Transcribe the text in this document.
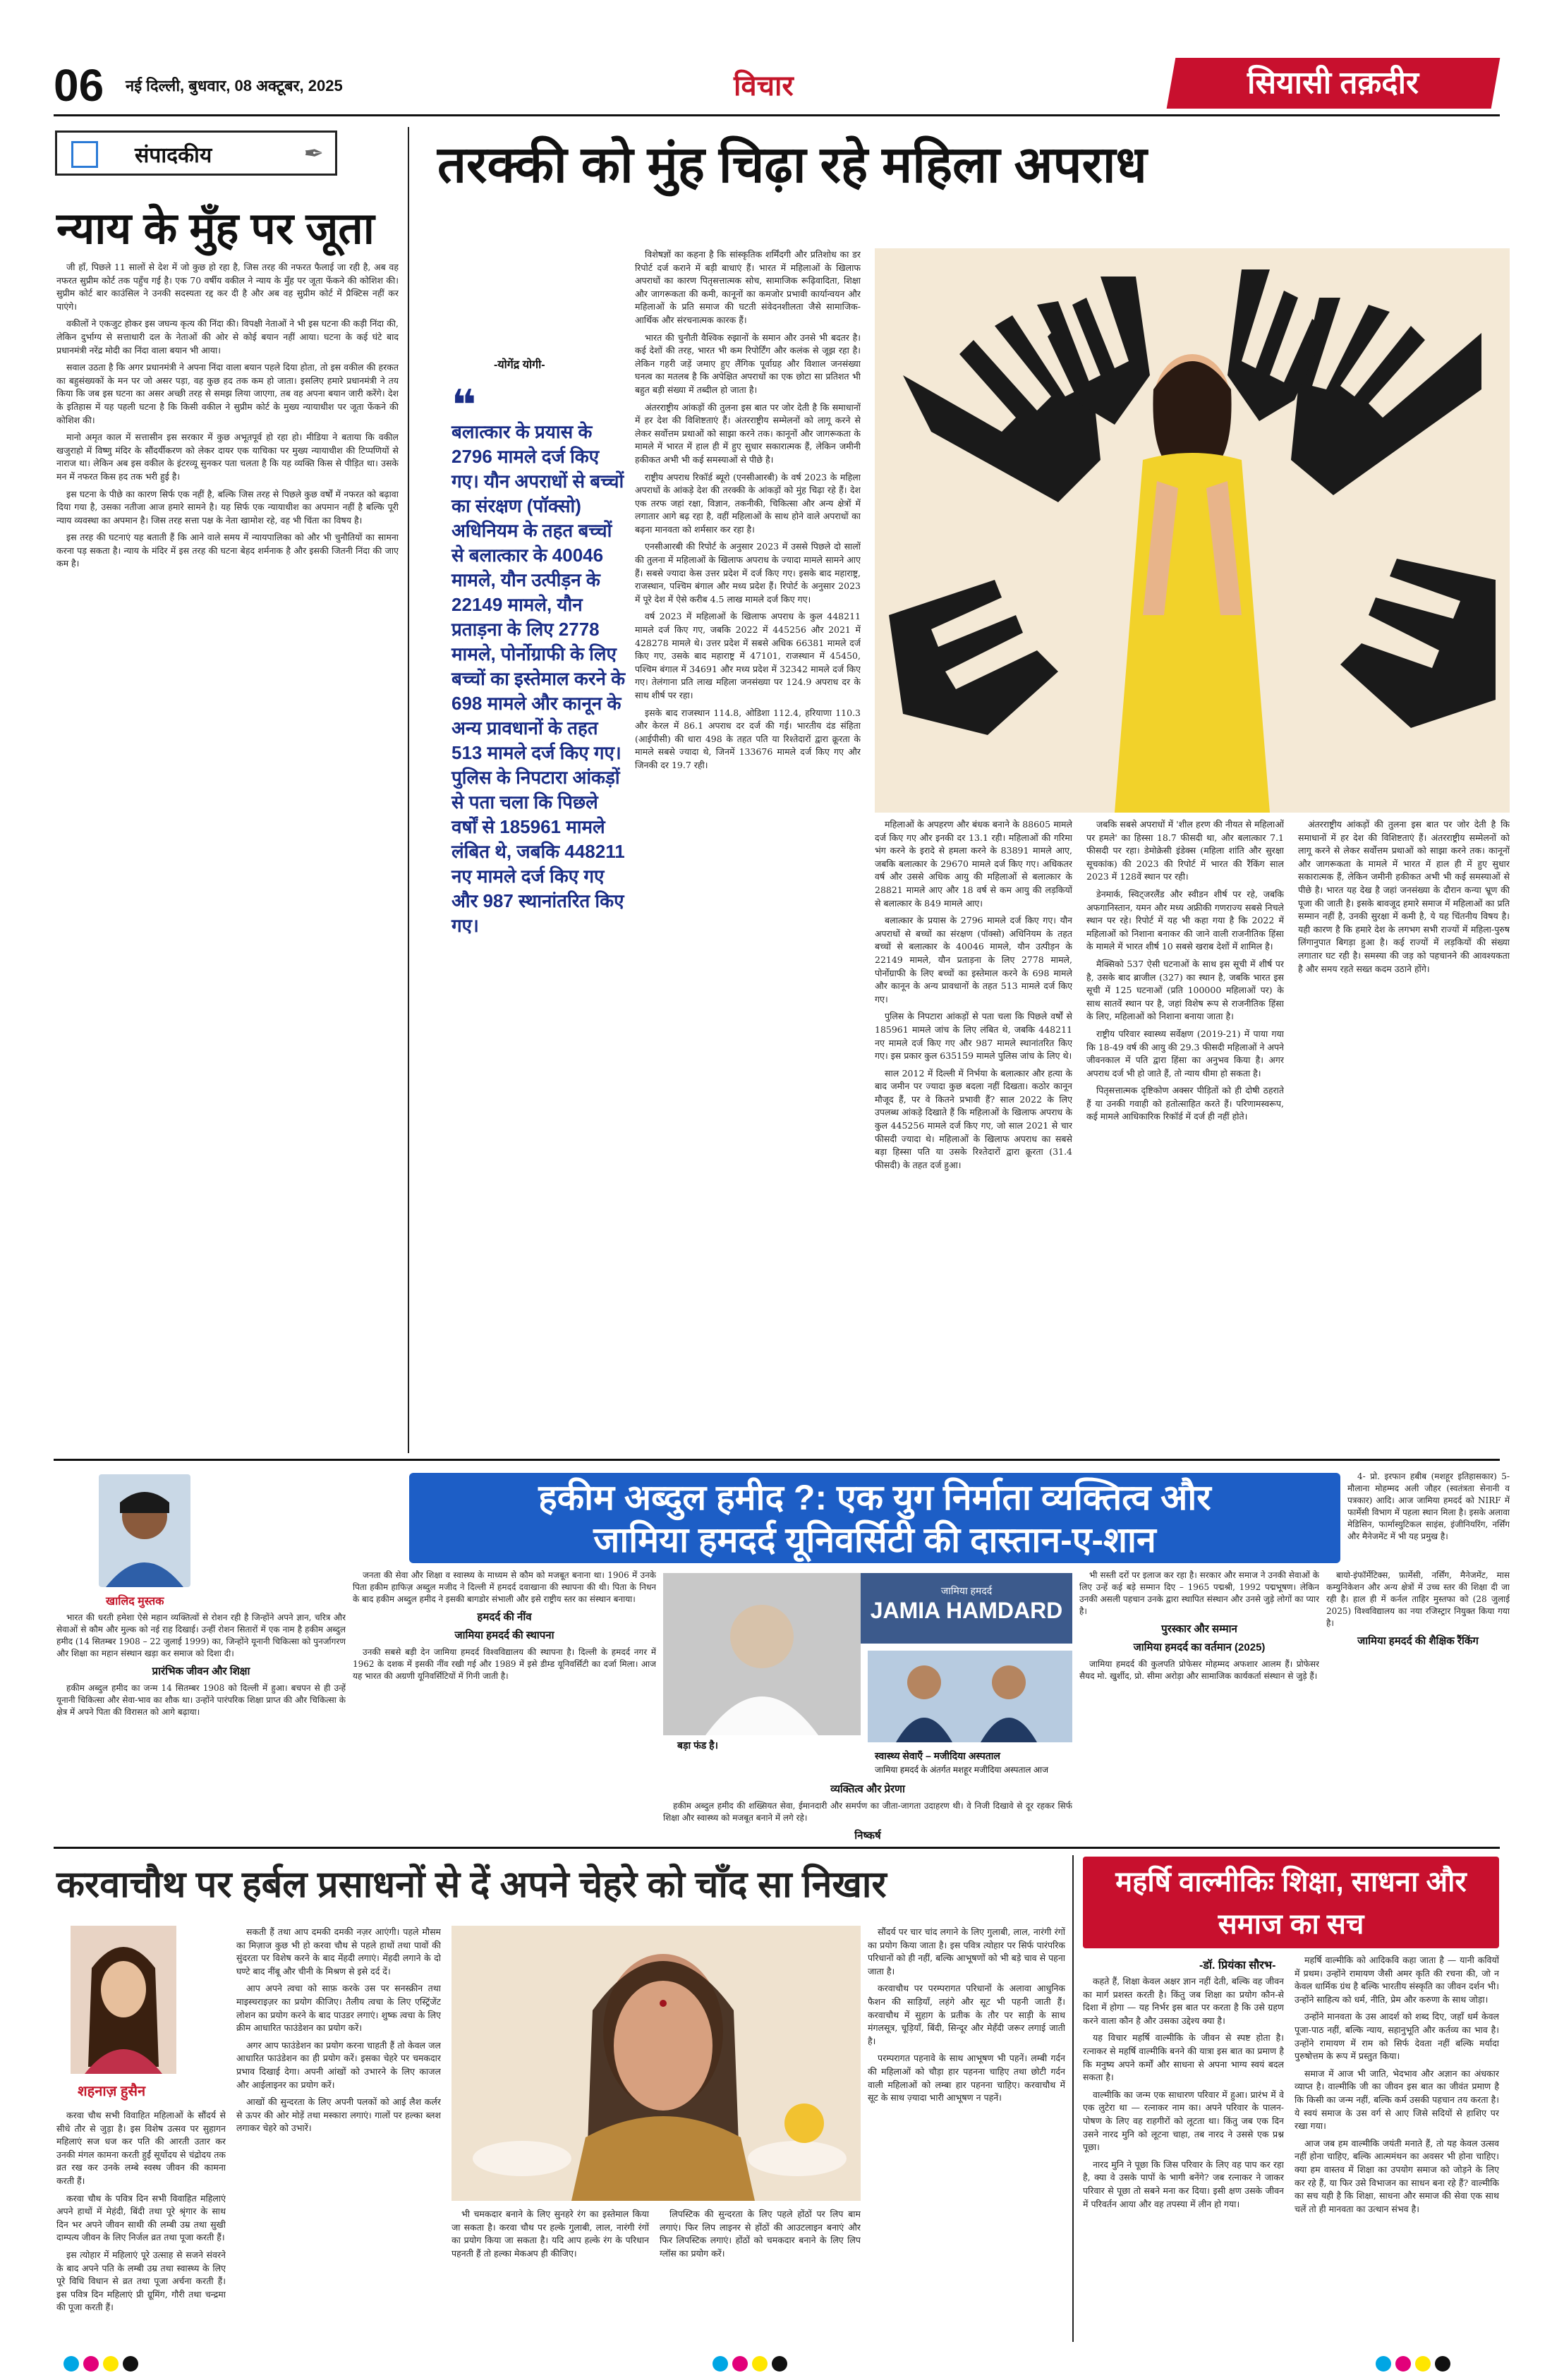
06 नई दिल्ली, बुधवार, 08 अक्टूबर, 2025	विचार	सियासी तक़दीर
संपादकीय	✒
न्याय के मुँह पर जूता

जी हाँ, पिछले 11 सालों से देश में जो कुछ हो रहा है, जिस तरह की नफरत फैलाई जा रही है, अब वह नफरत सुप्रीम कोर्ट तक पहुँच गई है। एक 70 वर्षीय वकील ने न्याय के मुँह पर जूता फेंकने की कोशिश की। सुप्रीम कोर्ट बार काउंसिल ने उनकी सदस्यता रद्द कर दी है और अब वह सुप्रीम कोर्ट में प्रैक्टिस नहीं कर पाएंगे।

वकीलों ने एकजुट होकर इस जघन्य कृत्य की निंदा की। विपक्षी नेताओं ने भी इस घटना की कड़ी निंदा की, लेकिन दुर्भाग्य से सत्ताधारी दल के नेताओं की ओर से कोई बयान नहीं आया। घटना के कई घंटे बाद प्रधानमंत्री नरेंद्र मोदी का निंदा वाला बयान भी आया।

सवाल उठता है कि अगर प्रधानमंत्री ने अपना निंदा वाला बयान पहले दिया होता, तो इस वकील की हरकत का बहुसंख्यकों के मन पर जो असर पड़ा, वह कुछ हद तक कम हो जाता। इसलिए हमारे प्रधानमंत्री ने तय किया कि जब इस घटना का असर अच्छी तरह से समझ लिया जाएगा, तब वह अपना बयान जारी करेंगे। देश के इतिहास में यह पहली घटना है कि किसी वकील ने सुप्रीम कोर्ट के मुख्य न्यायाधीश पर जूता फेंकने की कोशिश की।

मानो अमृत काल में सत्तासीन इस सरकार में कुछ अभूतपूर्व हो रहा हो। मीडिया ने बताया कि वकील खजुराहो में विष्णु मंदिर के सौंदर्यीकरण को लेकर दायर एक याचिका पर मुख्य न्यायाधीश की टिप्पणियों से नाराज था। लेकिन अब इस वकील के इंटरव्यू सुनकर पता चलता है कि यह व्यक्ति किस से पीड़ित था। उसके मन में नफरत किस हद तक भरी हुई है।

इस घटना के पीछे का कारण सिर्फ एक नहीं है, बल्कि जिस तरह से पिछले कुछ वर्षों में नफरत को बढ़ावा दिया गया है, उसका नतीजा आज हमारे सामने है। यह सिर्फ एक न्यायाधीश का अपमान नहीं है बल्कि पूरी न्याय व्यवस्था का अपमान है। जिस तरह सत्ता पक्ष के नेता खामोश रहे, वह भी चिंता का विषय है।

इस तरह की घटनाएं यह बताती हैं कि आने वाले समय में न्यायपालिका को और भी चुनौतियों का सामना करना पड़ सकता है। न्याय के मंदिर में इस तरह की घटना बेहद शर्मनाक है और इसकी जितनी निंदा की जाए कम है।

तरक्की को मुंह चिढ़ा रहे महिला अपराध
-योगेंद्र योगी-
❝
बलात्कार के प्रयास के 2796 मामले दर्ज किए गए। यौन अपराधों से बच्चों का संरक्षण (पॉक्सो) अधिनियम के तहत बच्चों से बलात्कार के 40046 मामले, यौन उत्पीड़न के 22149 मामले, यौन प्रताड़ना के लिए 2778 मामले, पोर्नोग्राफी के लिए बच्चों का इस्तेमाल करने के 698 मामले और कानून के अन्य प्रावधानों के तहत 513 मामले दर्ज किए गए। पुलिस के निपटारा आंकड़ों से पता चला कि पिछले वर्षों से 185961 मामले लंबित थे, जबकि 448211 नए मामले दर्ज किए गए और 987 स्थानांतरित किए गए।

विशेषज्ञों का कहना है कि सांस्कृतिक शर्मिंदगी और प्रतिशोध का डर रिपोर्ट दर्ज कराने में बड़ी बाधाएं हैं। भारत में महिलाओं के खिलाफ अपराधों का कारण पितृसत्तात्मक सोच, सामाजिक रूढ़िवादिता, शिक्षा और जागरूकता की कमी, कानूनों का कमजोर प्रभावी कार्यान्वयन और महिलाओं के प्रति समाज की घटती संवेदनशीलता जैसे सामाजिक-आर्थिक और संरचनात्मक कारक हैं।

भारत की चुनौती वैश्विक रुझानों के समान और उनसे भी बदतर है। कई देशों की तरह, भारत भी कम रिपोर्टिंग और कलंक से जूझ रहा है। लेकिन गहरी जड़ें जमाए हुए लैंगिक पूर्वाग्रह और विशाल जनसंख्या घनत्व का मतलब है कि अपेक्षित अपराधों का एक छोटा सा प्रतिशत भी बहुत बड़ी संख्या में तब्दील हो जाता है।

अंतरराष्ट्रीय आंकड़ों की तुलना इस बात पर जोर देती है कि समाधानों में हर देश की विशिष्टताएं हैं। अंतरराष्ट्रीय सम्मेलनों को लागू करने से लेकर सर्वोत्तम प्रथाओं को साझा करने तक। कानूनों और जागरूकता के मामले में भारत में हाल ही में हुए सुधार सकारात्मक हैं, लेकिन जमीनी हकीकत अभी भी कई समस्याओं से पीछे है।

राष्ट्रीय अपराध रिकॉर्ड ब्यूरो (एनसीआरबी) के वर्ष 2023 के महिला अपराधों के आंकड़े देश की तरक्की के आंकड़ों को मुंह चिढ़ा रहे हैं। देश एक तरफ जहां रक्षा, विज्ञान, तकनीकी, चिकित्सा और अन्य क्षेत्रों में लगातार आगे बढ़ रहा है, वहीं महिलाओं के साथ होने वाले अपराधों का बढ़ना मानवता को शर्मसार कर रहा है।

एनसीआरबी की रिपोर्ट के अनुसार 2023 में उससे पिछले दो सालों की तुलना में महिलाओं के खिलाफ अपराध के ज्यादा मामले सामने आए हैं। सबसे ज्यादा केस उत्तर प्रदेश में दर्ज किए गए। इसके बाद महाराष्ट्र, राजस्थान, पश्चिम बंगाल और मध्य प्रदेश हैं। रिपोर्ट के अनुसार 2023 में पूरे देश में ऐसे करीब 4.5 लाख मामले दर्ज किए गए।

वर्ष 2023 में महिलाओं के खिलाफ अपराध के कुल 448211 मामले दर्ज किए गए, जबकि 2022 में 445256 और 2021 में 428278 मामले थे। उत्तर प्रदेश में सबसे अधिक 66381 मामले दर्ज किए गए, उसके बाद महाराष्ट्र में 47101, राजस्थान में 45450, पश्चिम बंगाल में 34691 और मध्य प्रदेश में 32342 मामले दर्ज किए गए। तेलंगाना प्रति लाख महिला जनसंख्या पर 124.9 अपराध दर के साथ शीर्ष पर रहा।

इसके बाद राजस्थान 114.8, ओडिशा 112.4, हरियाणा 110.3 और केरल में 86.1 अपराध दर दर्ज की गई। भारतीय दंड संहिता (आईपीसी) की धारा 498 के तहत पति या रिश्तेदारों द्वारा क्रूरता के मामले सबसे ज्यादा थे, जिनमें 133676 मामले दर्ज किए गए और जिनकी दर 19.7 रही।

महिलाओं के अपहरण और बंधक बनाने के 88605 मामले दर्ज किए गए और इनकी दर 13.1 रही। महिलाओं की गरिमा भंग करने के इरादे से हमला करने के 83891 मामले आए, जबकि बलात्कार के 29670 मामले दर्ज किए गए। अधिकतर वर्ष और उससे अधिक आयु की महिलाओं से बलात्कार के 28821 मामले आए और 18 वर्ष से कम आयु की लड़कियों से बलात्कार के 849 मामले आए।

बलात्कार के प्रयास के 2796 मामले दर्ज किए गए। यौन अपराधों से बच्चों का संरक्षण (पॉक्सो) अधिनियम के तहत बच्चों से बलात्कार के 40046 मामले, यौन उत्पीड़न के 22149 मामले, यौन प्रताड़ना के लिए 2778 मामले, पोर्नोग्राफी के लिए बच्चों का इस्तेमाल करने के 698 मामले और कानून के अन्य प्रावधानों के तहत 513 मामले दर्ज किए गए।

पुलिस के निपटारा आंकड़ों से पता चला कि पिछले वर्षों से 185961 मामले जांच के लिए लंबित थे, जबकि 448211 नए मामले दर्ज किए गए और 987 मामले स्थानांतरित किए गए। इस प्रकार कुल 635159 मामले पुलिस जांच के लिए थे।

साल 2012 में दिल्ली में निर्भया के बलात्कार और हत्या के बाद जमीन पर ज्यादा कुछ बदला नहीं दिखता। कठोर कानून मौजूद हैं, पर वे कितने प्रभावी हैं? साल 2022 के लिए उपलब्ध आंकड़े दिखाते हैं कि महिलाओं के खिलाफ अपराध के कुल 445256 मामले दर्ज किए गए, जो साल 2021 से चार फीसदी ज्यादा थे। महिलाओं के खिलाफ अपराध का सबसे बड़ा हिस्सा पति या उसके रिश्तेदारों द्वारा क्रूरता (31.4 फीसदी) के तहत दर्ज हुआ।

जबकि सबसे अपराधों में 'शील हरण की नीयत से महिलाओं पर हमले' का हिस्सा 18.7 फीसदी था, और बलात्कार 7.1 फीसदी पर रहा। डेमोक्रेसी इंडेक्स (महिला शांति और सुरक्षा सूचकांक) की 2023 की रिपोर्ट में भारत की रैंकिंग साल 2023 में 128वें स्थान पर रही।

डेनमार्क, स्विट्जरलैंड और स्वीडन शीर्ष पर रहे, जबकि अफगानिस्तान, यमन और मध्य अफ्रीकी गणराज्य सबसे निचले स्थान पर रहे। रिपोर्ट में यह भी कहा गया है कि 2022 में महिलाओं को निशाना बनाकर की जाने वाली राजनीतिक हिंसा के मामले में भारत शीर्ष 10 सबसे खराब देशों में शामिल है।

मैक्सिको 537 ऐसी घटनाओं के साथ इस सूची में शीर्ष पर है, उसके बाद ब्राजील (327) का स्थान है, जबकि भारत इस सूची में 125 घटनाओं (प्रति 100000 महिलाओं पर) के साथ सातवें स्थान पर है, जहां विशेष रूप से राजनीतिक हिंसा के लिए, महिलाओं को निशाना बनाया जाता है।

राष्ट्रीय परिवार स्वास्थ्य सर्वेक्षण (2019-21) में पाया गया कि 18-49 वर्ष की आयु की 29.3 फीसदी महिलाओं ने अपने जीवनकाल में पति द्वारा हिंसा का अनुभव किया है। अगर अपराध दर्ज भी हो जाते हैं, तो न्याय धीमा हो सकता है।

पितृसत्तात्मक दृष्टिकोण अक्सर पीड़ितों को ही दोषी ठहराते हैं या उनकी गवाही को हतोत्साहित करते हैं। परिणामस्वरूप, कई मामले आधिकारिक रिकॉर्ड में दर्ज ही नहीं होते।

अंतरराष्ट्रीय आंकड़ों की तुलना इस बात पर जोर देती है कि समाधानों में हर देश की विशिष्टताएं हैं। अंतरराष्ट्रीय सम्मेलनों को लागू करने से लेकर सर्वोत्तम प्रथाओं को साझा करने तक। कानूनों और जागरूकता के मामले में भारत में हाल ही में हुए सुधार सकारात्मक हैं, लेकिन जमीनी हकीकत अभी भी कई समस्याओं से पीछे है। भारत यह देख है जहां जनसंख्या के दौरान कन्या भ्रूण की पूजा की जाती है। इसके बावजूद हमारे समाज में महिलाओं का प्रति सम्मान नहीं है, उनकी सुरक्षा में कमी है, ये यह चिंतनीय विषय है। यही कारण है कि हमारे देश के लगभग सभी राज्यों में महिला-पुरुष लिंगानुपात बिगड़ा हुआ है। कई राज्यों में लड़कियों की संख्या लगातार घट रही है। समस्या की जड़ को पहचानने की आवश्यकता है और समय रहते सख्त कदम उठाने होंगे।

खालिद मुस्तक
हकीम अब्दुल हमीद ?: एक युग निर्माता व्यक्तित्व और
जामिया हमदर्द यूनिवर्सिटी की दास्तान-ए-शान

भारत की धरती हमेशा ऐसे महान व्यक्तित्वों से रोशन रही है जिन्होंने अपने ज्ञान, चरित्र और सेवाओं से कौम और मुल्क को नई राह दिखाई। उन्हीं रोशन सितारों में एक नाम है हकीम अब्दुल हमीद (14 सितम्बर 1908 – 22 जुलाई 1999) का, जिन्होंने यूनानी चिकित्सा को पुनर्जागरण और शिक्षा का महान संस्थान खड़ा कर समाज को दिशा दी।

प्रारंभिक जीवन और शिक्षा

हकीम अब्दुल हमीद का जन्म 14 सितम्बर 1908 को दिल्ली में हुआ। बचपन से ही उन्हें यूनानी चिकित्सा और सेवा-भाव का शौक था। उन्होंने पारंपरिक शिक्षा प्राप्त की और चिकित्सा के क्षेत्र में अपने पिता की विरासत को आगे बढ़ाया।

जनता की सेवा और शिक्षा व स्वास्थ्य के माध्यम से कौम को मजबूत बनाना था। 1906 में उनके पिता हकीम हाफिज़ अब्दुल मजीद ने दिल्ली में हमदर्द दवाखाना की स्थापना की थी। पिता के निधन के बाद हकीम अब्दुल हमीद ने इसकी बागडोर संभाली और इसे राष्ट्रीय स्तर का संस्थान बनाया।

हमदर्द की नींव
जामिया हमदर्द की स्थापना

उनकी सबसे बड़ी देन जामिया हमदर्द विश्वविद्यालय की स्थापना है। दिल्ली के हमदर्द नगर में 1962 के दशक में इसकी नींव रखी गई और 1989 में इसे डीम्ड यूनिवर्सिटी का दर्जा मिला। आज यह भारत की अग्रणी यूनिवर्सिटियों में गिनी जाती है।

बड़ा फंड है।
जामिया हमदर्द
JAMIA HAMDARD
स्वास्थ्य सेवाएँ – मजीदिया अस्पताल
जामिया हमदर्द के अंतर्गत मशहूर मजीदिया अस्पताल आज

भी सस्ती दरों पर इलाज कर रहा है। सरकार और समाज ने उनकी सेवाओं के लिए उन्हें कई बड़े सम्मान दिए – 1965 पद्मश्री, 1992 पद्मभूषण। लेकिन उनकी असली पहचान उनके द्वारा स्थापित संस्थान और उनसे जुड़े लोगों का प्यार है।

पुरस्कार और सम्मान
जामिया हमदर्द का वर्तमान (2025)

जामिया हमदर्द की कुलपति प्रोफेसर मोहम्मद अफशार आलम हैं। प्रोफेसर सैयद मो. खुर्शीद, प्रो. सीमा अरोड़ा और सामाजिक कार्यकर्ता संस्थान से जुड़े हैं।

बायो-इंफॉर्मेटिक्स, फ़ार्मेसी, नर्सिंग, मैनेजमेंट, मास कम्युनिकेशन और अन्य क्षेत्रों में उच्च स्तर की शिक्षा दी जा रही है। हाल ही में कर्नल ताहिर मुस्तफा को (28 जुलाई 2025) विश्वविद्यालय का नया रजिस्ट्रार नियुक्त किया गया है।

जामिया हमदर्द की शैक्षिक रैंकिंग

4- प्रो. इरफान हबीब (मशहूर इतिहासकार) 5- मौलाना मोहम्मद अली जौहर (स्वतंत्रता सेनानी व पत्रकार) आदि। आज जामिया हमदर्द को NIRF में फार्मेसी विभाग में पहला स्थान मिला है। इसके अलावा मेडिसिन, फार्मास्युटिकल साइंस, इंजीनियरिंग, नर्सिंग और मैनेजमेंट में भी यह प्रमुख है।

व्यक्तित्व और प्रेरणा

हकीम अब्दुल हमीद की शख्सियत सेवा, ईमानदारी और समर्पण का जीता-जागता उदाहरण थी। वे निजी दिखावे से दूर रहकर सिर्फ शिक्षा और स्वास्थ्य को मजबूत बनाने में लगे रहे।

निष्कर्ष

करवाचौथ पर हर्बल प्रसाधनों से दें अपने चेहरे को चाँद सा निखार
शहनाज़ हुसैन

करवा चौथ सभी विवाहित महिलाओं के सौंदर्य से सीधे तौर से जुड़ा है। इस विशेष उत्सव पर सुहागन महिलाएं सज धज कर पति की आरती उतार कर उनकी मंगल कामना करती हुईं सूर्योदय से चंद्रोदय तक व्रत रख कर उनके लम्बे स्वस्थ जीवन की कामना करती हैं।

करवा चौथ के पवित्र दिन सभी विवाहित महिलाएं अपने हाथों में मेहंदी, बिंदी तथा पूरे श्रृंगार के साथ दिन भर अपने जीवन साथी की लम्बी उम्र तथा सुखी दाम्पत्य जीवन के लिए निर्जल व्रत तथा पूजा करती हैं।

इस त्योहार में महिलाएं पूरे उत्साह से सजने संवरने के बाद अपने पति के लम्बी उम्र तथा स्वास्थ्य के लिए पूरे विधि विधान से व्रत तथा पूजा अर्चना करती हैं। इस पवित्र दिन महिलाएं प्री ग्रूमिंग, गौरी तथा चन्द्रमा की पूजा करती हैं।

सकती हैं तथा आप दमकी दमकी नज़र आएंगी। पहले मौसम का मिज़ाज कुछ भी हो करवा चौथ से पहले हाथों तथा पावों की सुंदरता पर विशेष करने के बाद मेंहदी लगाएं। मेंहदी लगाने के दो घण्टे बाद नींबू और चीनी के मिश्रण से इसे दर्द दें।

आप अपने त्वचा को साफ़ करके उस पर सनस्क्रीन तथा माइस्चराइज़र का प्रयोग कीजिए। तैलीय त्वचा के लिए एस्ट्रिंजेंट लोशन का प्रयोग करने के बाद पाउडर लगाएं। शुष्क त्वचा के लिए क्रीम आधारित फाउंडेशन का प्रयोग करें।

अगर आप फाउंडेशन का प्रयोग करना चाहती हैं तो केवल जल आधारित फाउंडेशन का ही प्रयोग करें। इसका चेहरे पर चमकदार प्रभाव दिखाई देगा। अपनी आंखों को उभारने के लिए काजल और आईलाइनर का प्रयोग करें।

आखों की सुन्दरता के लिए अपनी पलकों को आई लैश कर्लर से ऊपर की ओर मोड़ें तथा मस्कारा लगाएं। गालों पर हल्का ब्लश लगाकर चेहरे को उभारें।

भी चमकदार बनाने के लिए सुनहरे रंग का इस्तेमाल किया जा सकता है। करवा चौथ पर हल्के गुलाबी, लाल, नारंगी रंगों का प्रयोग किया जा सकता है। यदि आप हल्के रंग के परिधान पहनती हैं तो हल्का मेकअप ही कीजिए।

लिपस्टिक की सुन्दरता के लिए पहले होंठों पर लिप बाम लगाएं। फिर लिप लाइनर से होंठों की आउटलाइन बनाएं और फिर लिपस्टिक लगाएं। होंठों को चमकदार बनाने के लिए लिप ग्लॉस का प्रयोग करें।

सौंदर्य पर चार चांद लगाने के लिए गुलाबी, लाल, नारंगी रंगों का प्रयोग किया जाता है। इस पवित्र त्योहार पर सिर्फ पारंपरिक परिधानों को ही नहीं, बल्कि आभूषणों को भी बड़े चाव से पहना जाता है।

करवाचौथ पर परम्परागत परिधानों के अलावा आधुनिक फैशन की साड़ियाँ, लहंगे और सूट भी पहनी जाती हैं। करवाचौथ में सुहाग के प्रतीक के तौर पर साड़ी के साथ मंगलसूत्र, चूड़ियाँ, बिंदी, सिन्दूर और मेहँदी जरूर लगाई जाती है।

परम्परागत पहनावे के साथ आभूषण भी पहनें। लम्बी गर्दन की महिलाओं को चौड़ा हार पहनना चाहिए तथा छोटी गर्दन वाली महिलाओं को लम्बा हार पहनना चाहिए। करवाचौथ में सूट के साथ ज़्यादा भारी आभूषण न पहनें।

महर्षि वाल्मीकिः शिक्षा, साधना और समाज का सच
-डॉ. प्रियंका सौरभ-

कहते हैं, शिक्षा केवल अक्षर ज्ञान नहीं देती, बल्कि वह जीवन का मार्ग प्रशस्त करती है। किंतु जब शिक्षा का प्रयोग कौन-से दिशा में होगा — यह निर्भर इस बात पर करता है कि उसे ग्रहण करने वाला कौन है और उसका उद्देश्य क्या है।

यह विचार महर्षि वाल्मीकि के जीवन से स्पष्ट होता है। रत्नाकर से महर्षि वाल्मीकि बनने की यात्रा इस बात का प्रमाण है कि मनुष्य अपने कर्मों और साधना से अपना भाग्य स्वयं बदल सकता है।

वाल्मीकि का जन्म एक साधारण परिवार में हुआ। प्रारंभ में वे एक लुटेरा था — रत्नाकर नाम का। अपने परिवार के पालन-पोषण के लिए वह राहगीरों को लूटता था। किंतु जब एक दिन उसने नारद मुनि को लूटना चाहा, तब नारद ने उससे एक प्रश्न पूछा।

नारद मुनि ने पूछा कि जिस परिवार के लिए वह पाप कर रहा है, क्या वे उसके पापों के भागी बनेंगे? जब रत्नाकर ने जाकर परिवार से पूछा तो सबने मना कर दिया। इसी क्षण उसके जीवन में परिवर्तन आया और वह तपस्या में लीन हो गया।

महर्षि वाल्मीकि को आदिकवि कहा जाता है — यानी कवियों में प्रथम। उन्होंने रामायण जैसी अमर कृति की रचना की, जो न केवल धार्मिक ग्रंथ है बल्कि भारतीय संस्कृति का जीवन दर्शन भी। उन्होंने साहित्य को धर्म, नीति, प्रेम और करुणा के साथ जोड़ा।

उन्होंने मानवता के उस आदर्श को शब्द दिए, जहाँ धर्म केवल पूजा-पाठ नहीं, बल्कि न्याय, सहानुभूति और कर्तव्य का भाव है। उन्होंने रामायण में राम को सिर्फ देवता नहीं बल्कि मर्यादा पुरुषोत्तम के रूप में प्रस्तुत किया।

समाज में आज भी जाति, भेदभाव और अज्ञान का अंधकार व्याप्त है। वाल्मीकि जी का जीवन इस बात का जीवंत प्रमाण है कि किसी का जन्म नहीं, बल्कि कर्म उसकी पहचान तय करता है। ये स्वयं समाज के उस वर्ग से आए जिसे सदियों से हाशिए पर रखा गया।

आज जब हम वाल्मीकि जयंती मनाते हैं, तो यह केवल उत्सव नहीं होना चाहिए, बल्कि आत्ममंथन का अवसर भी होना चाहिए। क्या हम वास्तव में शिक्षा का उपयोग समाज को जोड़ने के लिए कर रहे हैं, या फिर उसे विभाजन का साधन बना रहे हैं? वाल्मीकि का सच यही है कि शिक्षा, साधना और समाज की सेवा एक साथ चलें तो ही मानवता का उत्थान संभव है।
